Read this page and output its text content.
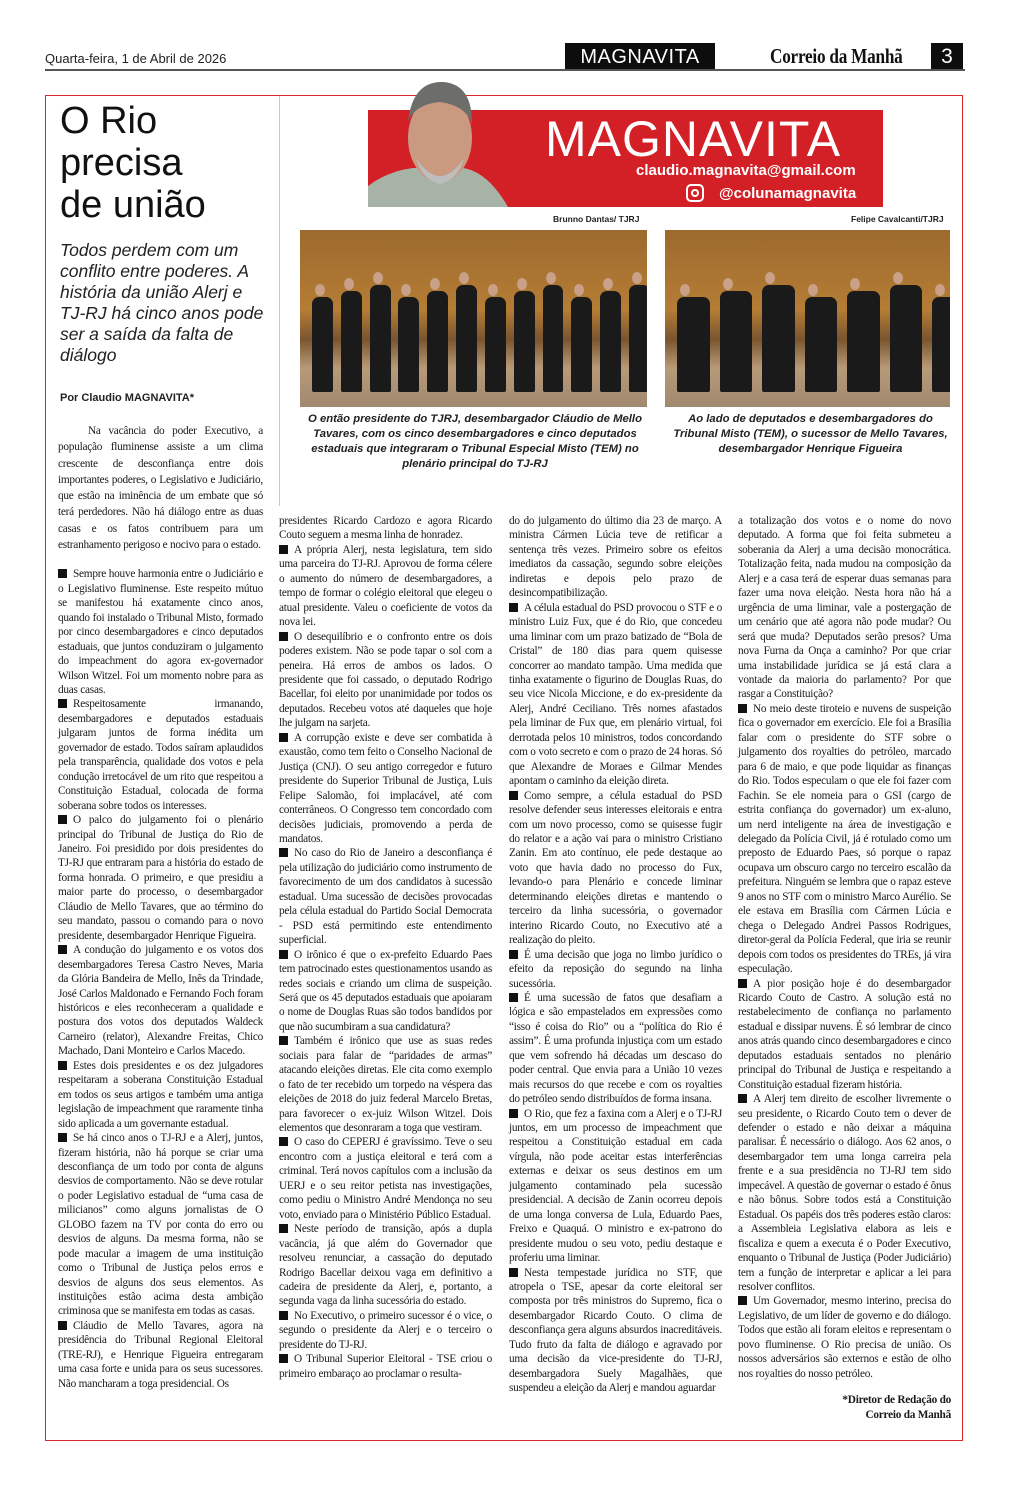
Quarta-feira, 1 de Abril de 2026	MAGNAVITA	Correio da Manhã	3
O Rio
precisa
de união
Todos perdem com um conflito entre poderes. A história da união Alerj e TJ-RJ há cinco anos pode ser a saída da falta de diálogo
Por Claudio MAGNAVITA*
MAGNAVITA
claudio.magnavita@gmail.com
@colunamagnavita
Brunno Dantas/ TJRJ	Felipe Cavalcanti/TJRJ
O então presidente do TJRJ, desembargador Cláudio de Mello Tavares, com os cinco desembargadores e cinco deputados estaduais que integraram o Tribunal Especial Misto (TEM) no plenário principal do TJ-RJ
Ao lado de deputados e desembargadores do Tribunal Misto (TEM), o sucessor de Mello Tavares, desembargador Henrique Figueira

Na vacância do poder Executivo, a população fluminense assiste a um clima crescente de desconfiança entre dois importantes poderes, o Legislativo e Judiciário, que estão na iminência de um embate que só terá perdedores. Não há diálogo entre as duas casas e os fatos contribuem para um estranhamento perigoso e nocivo para o estado.

Sempre houve harmonia entre o Judiciário e o Legislativo fluminense. Este respeito mútuo se manifestou há exatamente cinco anos, quando foi instalado o Tribunal Misto, formado por cinco desembargadores e cinco deputados estaduais, que juntos conduziram o julgamento do impeachment do agora ex-governador Wilson Witzel. Foi um momento nobre para as duas casas.

Respeitosamente irmanando, desembargadores e deputados estaduais julgaram juntos de forma inédita um governador de estado. Todos saíram aplaudidos pela transparência, qualidade dos votos e pela condução irretocável de um rito que respeitou a Constituição Estadual, colocada de forma soberana sobre todos os interesses.

O palco do julgamento foi o plenário principal do Tribunal de Justiça do Rio de Janeiro. Foi presidido por dois presidentes do TJ-RJ que entraram para a história do estado de forma honrada. O primeiro, e que presidiu a maior parte do processo, o desembargador Cláudio de Mello Tavares, que ao término do seu mandato, passou o comando para o novo presidente, desembargador Henrique Figueira.

A condução do julgamento e os votos dos desembargadores Teresa Castro Neves, Maria da Glória Bandeira de Mello, Inês da Trindade, José Carlos Maldonado e Fernando Foch foram históricos e eles reconheceram a qualidade e postura dos votos dos deputados Waldeck Carneiro (relator), Alexandre Freitas, Chico Machado, Dani Monteiro e Carlos Macedo.

Estes dois presidentes e os dez julgadores respeitaram a soberana Constituição Estadual em todos os seus artigos e também uma antiga legislação de impeachment que raramente tinha sido aplicada a um governante estadual.

Se há cinco anos o TJ-RJ e a Alerj, juntos, fizeram história, não há porque se criar uma desconfiança de um todo por conta de alguns desvios de comportamento. Não se deve rotular o poder Legislativo estadual de “uma casa de milicianos” como alguns jornalistas de O GLOBO fazem na TV por conta do erro ou desvios de alguns. Da mesma forma, não se pode macular a imagem de uma instituição como o Tribunal de Justiça pelos erros e desvios de alguns dos seus elementos. As instituições estão acima desta ambição criminosa que se manifesta em todas as casas.

Cláudio de Mello Tavares, agora na presidência do Tribunal Regional Eleitoral (TRE-RJ), e Henrique Figueira entregaram uma casa forte e unida para os seus sucessores. Não mancharam a toga presidencial. Os

presidentes Ricardo Cardozo e agora Ricardo Couto seguem a mesma linha de honradez.

A própria Alerj, nesta legislatura, tem sido uma parceira do TJ-RJ. Aprovou de forma célere o aumento do número de desembargadores, a tempo de formar o colégio eleitoral que elegeu o atual presidente. Valeu o coeficiente de votos da nova lei.

O desequilíbrio e o confronto entre os dois poderes existem. Não se pode tapar o sol com a peneira. Há erros de ambos os lados. O presidente que foi cassado, o deputado Rodrigo Bacellar, foi eleito por unanimidade por todos os deputados. Recebeu votos até daqueles que hoje lhe julgam na sarjeta.

A corrupção existe e deve ser combatida à exaustão, como tem feito o Conselho Nacional de Justiça (CNJ). O seu antigo corregedor e futuro presidente do Superior Tribunal de Justiça, Luis Felipe Salomão, foi implacável, até com conterrâneos. O Congresso tem concordado com decisões judiciais, promovendo a perda de mandatos.

No caso do Rio de Janeiro a desconfiança é pela utilização do judiciário como instrumento de favorecimento de um dos candidatos à sucessão estadual. Uma sucessão de decisões provocadas pela célula estadual do Partido Social Democrata - PSD está permitindo este entendimento superficial.

O irônico é que o ex-prefeito Eduardo Paes tem patrocinado estes questionamentos usando as redes sociais e criando um clima de suspeição. Será que os 45 deputados estaduais que apoiaram o nome de Douglas Ruas são todos bandidos por que não sucumbiram a sua candidatura?

Também é irônico que use as suas redes sociais para falar de “paridades de armas” atacando eleições diretas. Ele cita como exemplo o fato de ter recebido um torpedo na véspera das eleições de 2018 do juiz federal Marcelo Bretas, para favorecer o ex-juiz Wilson Witzel. Dois elementos que desonraram a toga que vestiram.

O caso do CEPERJ é gravíssimo. Teve o seu encontro com a justiça eleitoral e terá com a criminal. Terá novos capítulos com a inclusão da UERJ e o seu reitor petista nas investigações, como pediu o Ministro André Mendonça no seu voto, enviado para o Ministério Público Estadual.

Neste período de transição, após a dupla vacância, já que além do Governador que resolveu renunciar, a cassação do deputado Rodrigo Bacellar deixou vaga em definitivo a cadeira de presidente da Alerj, e, portanto, a segunda vaga da linha sucessória do estado.

No Executivo, o primeiro sucessor é o vice, o segundo o presidente da Alerj e o terceiro o presidente do TJ-RJ.

O Tribunal Superior Eleitoral - TSE criou o primeiro embaraço ao proclamar o resulta-

do do julgamento do último dia 23 de março. A ministra Cármen Lúcia teve de retificar a sentença três vezes. Primeiro sobre os efeitos imediatos da cassação, segundo sobre eleições indiretas e depois pelo prazo de desincompatibilização.

A célula estadual do PSD provocou o STF e o ministro Luiz Fux, que é do Rio, que concedeu uma liminar com um prazo batizado de “Bola de Cristal” de 180 dias para quem quisesse concorrer ao mandato tampão. Uma medida que tinha exatamente o figurino de Douglas Ruas, do seu vice Nicola Miccione, e do ex-presidente da Alerj, André Ceciliano. Três nomes afastados pela liminar de Fux que, em plenário virtual, foi derrotada pelos 10 ministros, todos concordando com o voto secreto e com o prazo de 24 horas. Só que Alexandre de Moraes e Gilmar Mendes apontam o caminho da eleição direta.

Como sempre, a célula estadual do PSD resolve defender seus interesses eleitorais e entra com um novo processo, como se quisesse fugir do relator e a ação vai para o ministro Cristiano Zanin. Em ato contínuo, ele pede destaque ao voto que havia dado no processo do Fux, levando-o para Plenário e concede liminar determinando eleições diretas e mantendo o terceiro da linha sucessória, o governador interino Ricardo Couto, no Executivo até a realização do pleito.

É uma decisão que joga no limbo jurídico o efeito da reposição do segundo na linha sucessória.

É uma sucessão de fatos que desafiam a lógica e são empastelados em expressões como “isso é coisa do Rio” ou a “política do Rio é assim”. É uma profunda injustiça com um estado que vem sofrendo há décadas um descaso do poder central. Que envia para a União 10 vezes mais recursos do que recebe e com os royalties do petróleo sendo distribuídos de forma insana.

O Rio, que fez a faxina com a Alerj e o TJ-RJ juntos, em um processo de impeachment que respeitou a Constituição estadual em cada vírgula, não pode aceitar estas interferências externas e deixar os seus destinos em um julgamento contaminado pela sucessão presidencial. A decisão de Zanin ocorreu depois de uma longa conversa de Lula, Eduardo Paes, Freixo e Quaquá. O ministro e ex-patrono do presidente mudou o seu voto, pediu destaque e proferiu uma liminar.

Nesta tempestade jurídica no STF, que atropela o TSE, apesar da corte eleitoral ser composta por três ministros do Supremo, fica o desembargador Ricardo Couto. O clima de desconfiança gera alguns absurdos inacreditáveis. Tudo fruto da falta de diálogo e agravado por uma decisão da vice-presidente do TJ-RJ, desembargadora Suely Magalhães, que suspendeu a eleição da Alerj e mandou aguardar

a totalização dos votos e o nome do novo deputado. A forma que foi feita submeteu a soberania da Alerj a uma decisão monocrática. Totalização feita, nada mudou na composição da Alerj e a casa terá de esperar duas semanas para fazer uma nova eleição. Nesta hora não há a urgência de uma liminar, vale a postergação de um cenário que até agora não pode mudar? Ou será que muda? Deputados serão presos? Uma nova Furna da Onça a caminho? Por que criar uma instabilidade jurídica se já está clara a vontade da maioria do parlamento? Por que rasgar a Constituição?

No meio deste tiroteio e nuvens de suspeição fica o governador em exercício. Ele foi a Brasília falar com o presidente do STF sobre o julgamento dos royalties do petróleo, marcado para 6 de maio, e que pode liquidar as finanças do Rio. Todos especulam o que ele foi fazer com Fachin. Se ele nomeia para o GSI (cargo de estrita confiança do governador) um ex-aluno, um nerd inteligente na área de investigação e delegado da Polícia Civil, já é rotulado como um preposto de Eduardo Paes, só porque o rapaz ocupava um obscuro cargo no terceiro escalão da prefeitura. Ninguém se lembra que o rapaz esteve 9 anos no STF com o ministro Marco Aurélio. Se ele estava em Brasília com Cármen Lúcia e chega o Delegado Andrei Passos Rodrigues, diretor-geral da Polícia Federal, que iria se reunir depois com todos os presidentes do TREs, já vira especulação.

A pior posição hoje é do desembargador Ricardo Couto de Castro. A solução está no restabelecimento de confiança no parlamento estadual e dissipar nuvens. É só lembrar de cinco anos atrás quando cinco desembargadores e cinco deputados estaduais sentados no plenário principal do Tribunal de Justiça e respeitando a Constituição estadual fizeram história.

A Alerj tem direito de escolher livremente o seu presidente, o Ricardo Couto tem o dever de defender o estado e não deixar a máquina paralisar. É necessário o diálogo. Aos 62 anos, o desembargador tem uma longa carreira pela frente e a sua presidência no TJ-RJ tem sido impecável. A questão de governar o estado é ônus e não bônus. Sobre todos está a Constituição Estadual. Os papéis dos três poderes estão claros: a Assembleia Legislativa elabora as leis e fiscaliza e quem a executa é o Poder Executivo, enquanto o Tribunal de Justiça (Poder Judiciário) tem a função de interpretar e aplicar a lei para resolver conflitos.

Um Governador, mesmo interino, precisa do Legislativo, de um líder de governo e do diálogo. Todos que estão ali foram eleitos e representam o povo fluminense. O Rio precisa de união. Os nossos adversários são externos e estão de olho nos royalties do nosso petróleo.

*Diretor de Redação do
Correio da Manhã
